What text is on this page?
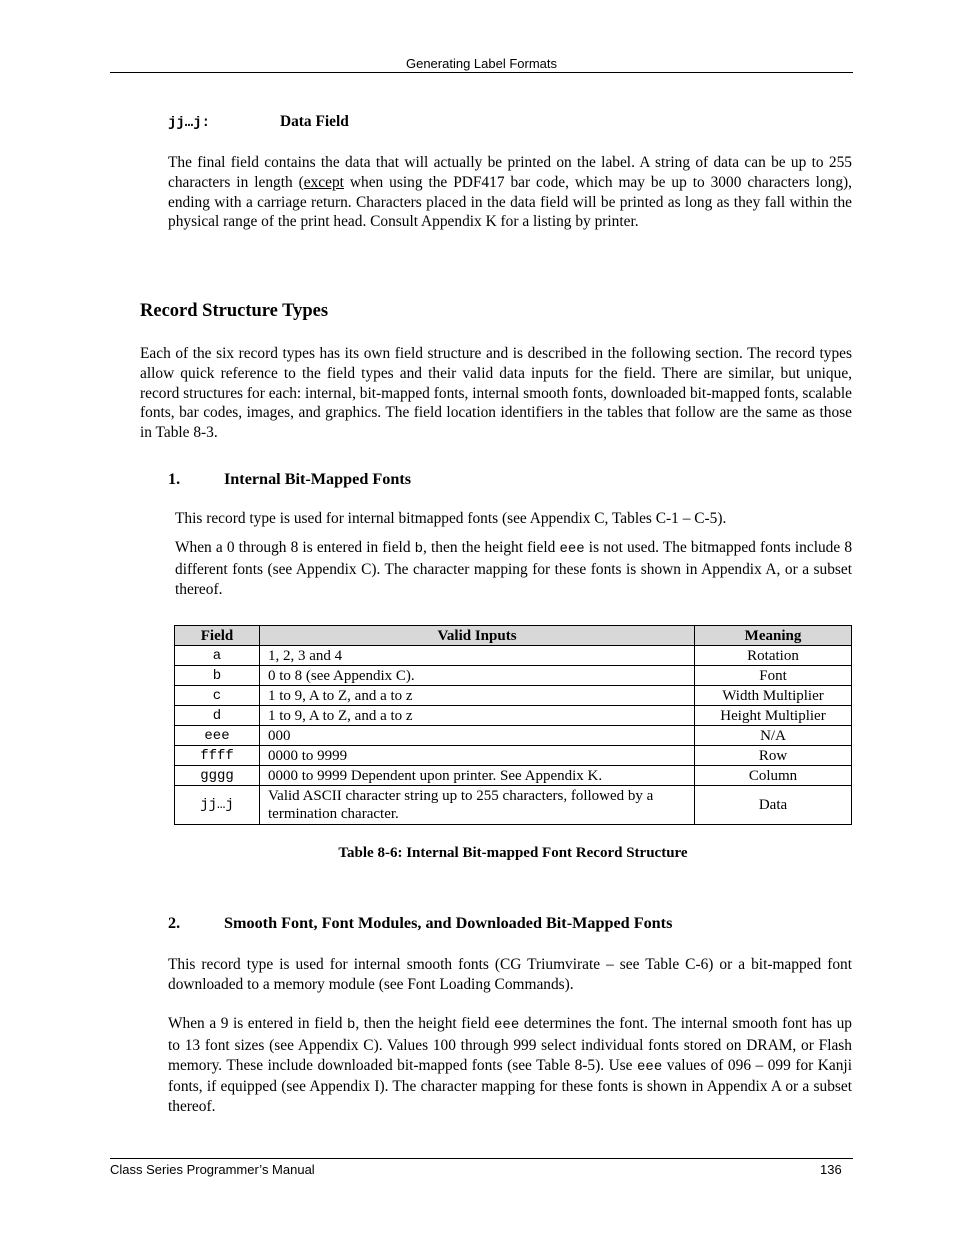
Generating Label Formats
jj…j:	Data Field
The final field contains the data that will actually be printed on the label. A string of data can be up to 255 characters in length (except when using the PDF417 bar code, which may be up to 3000 characters long), ending with a carriage return. Characters placed in the data field will be printed as long as they fall within the physical range of the print head. Consult Appendix K for a listing by printer.
Record Structure Types
Each of the six record types has its own field structure and is described in the following section. The record types allow quick reference to the field types and their valid data inputs for the field. There are similar, but unique, record structures for each: internal, bit-mapped fonts, internal smooth fonts, downloaded bit-mapped fonts, scalable fonts, bar codes, images, and graphics. The field location identifiers in the tables that follow are the same as those in Table 8-3.
1.	Internal Bit-Mapped Fonts
This record type is used for internal bitmapped fonts (see Appendix C, Tables C-1 – C-5).
When a 0 through 8 is entered in field b, then the height field eee is not used. The bitmapped fonts include 8 different fonts (see Appendix C). The character mapping for these fonts is shown in Appendix A, or a subset thereof.
Field	Valid Inputs	Meaning
a	1, 2, 3 and 4	Rotation
b	0 to 8 (see Appendix C).	Font
c	1 to 9, A to Z, and a to z	Width Multiplier
d	1 to 9, A to Z, and a to z	Height Multiplier
eee	000	N/A
ffff	0000 to 9999	Row
gggg	0000 to 9999 Dependent upon printer. See Appendix K.	Column
jj…j	Valid ASCII character string up to 255 characters, followed by a termination character.	Data
Table 8-6: Internal Bit-mapped Font Record Structure
2.	Smooth Font, Font Modules, and Downloaded Bit-Mapped Fonts
This record type is used for internal smooth fonts (CG Triumvirate – see Table C-6) or a bit-mapped font downloaded to a memory module (see Font Loading Commands).
When a 9 is entered in field b, then the height field eee determines the font. The internal smooth font has up to 13 font sizes (see Appendix C). Values 100 through 999 select individual fonts stored on DRAM, or Flash memory. These include downloaded bit-mapped fonts (see Table 8-5). Use eee values of 096 – 099 for Kanji fonts, if equipped (see Appendix I). The character mapping for these fonts is shown in Appendix A or a subset thereof.
Class Series Programmer’s Manual	136
